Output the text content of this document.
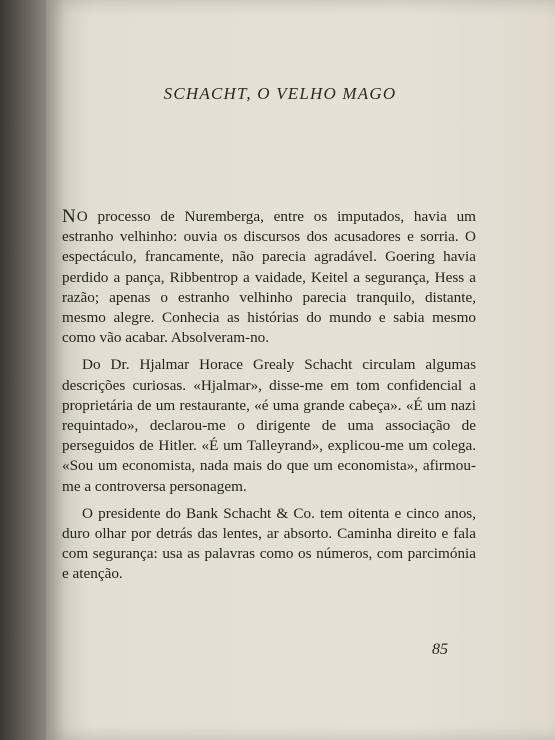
SCHACHT, O VELHO MAGO

NO processo de Nuremberga, entre os imputados, havia um estranho velhinho: ouvia os discursos dos acusadores e sorria. O espectáculo, francamente, não parecia agradável. Goering havia perdido a pança, Ribbentrop a vaidade, Keitel a segurança, Hess a razão; apenas o estranho velhinho parecia tranquilo, distante, mesmo alegre. Conhecia as histórias do mundo e sabia mesmo como vão acabar. Absolveram-no.

Do Dr. Hjalmar Horace Grealy Schacht circulam algumas descrições curiosas. «Hjalmar», disse-me em tom confidencial a proprietária de um restaurante, «é uma grande cabeça». «É um nazi requintado», declarou-me o dirigente de uma associação de perseguidos de Hitler. «É um Talleyrand», explicou-me um colega. «Sou um economista, nada mais do que um economista», afirmou-me a controversa personagem.

O presidente do Bank Schacht & Co. tem oitenta e cinco anos, duro olhar por detrás das lentes, ar absorto. Caminha direito e fala com segurança: usa as palavras como os números, com parcimónia e atenção.

85
